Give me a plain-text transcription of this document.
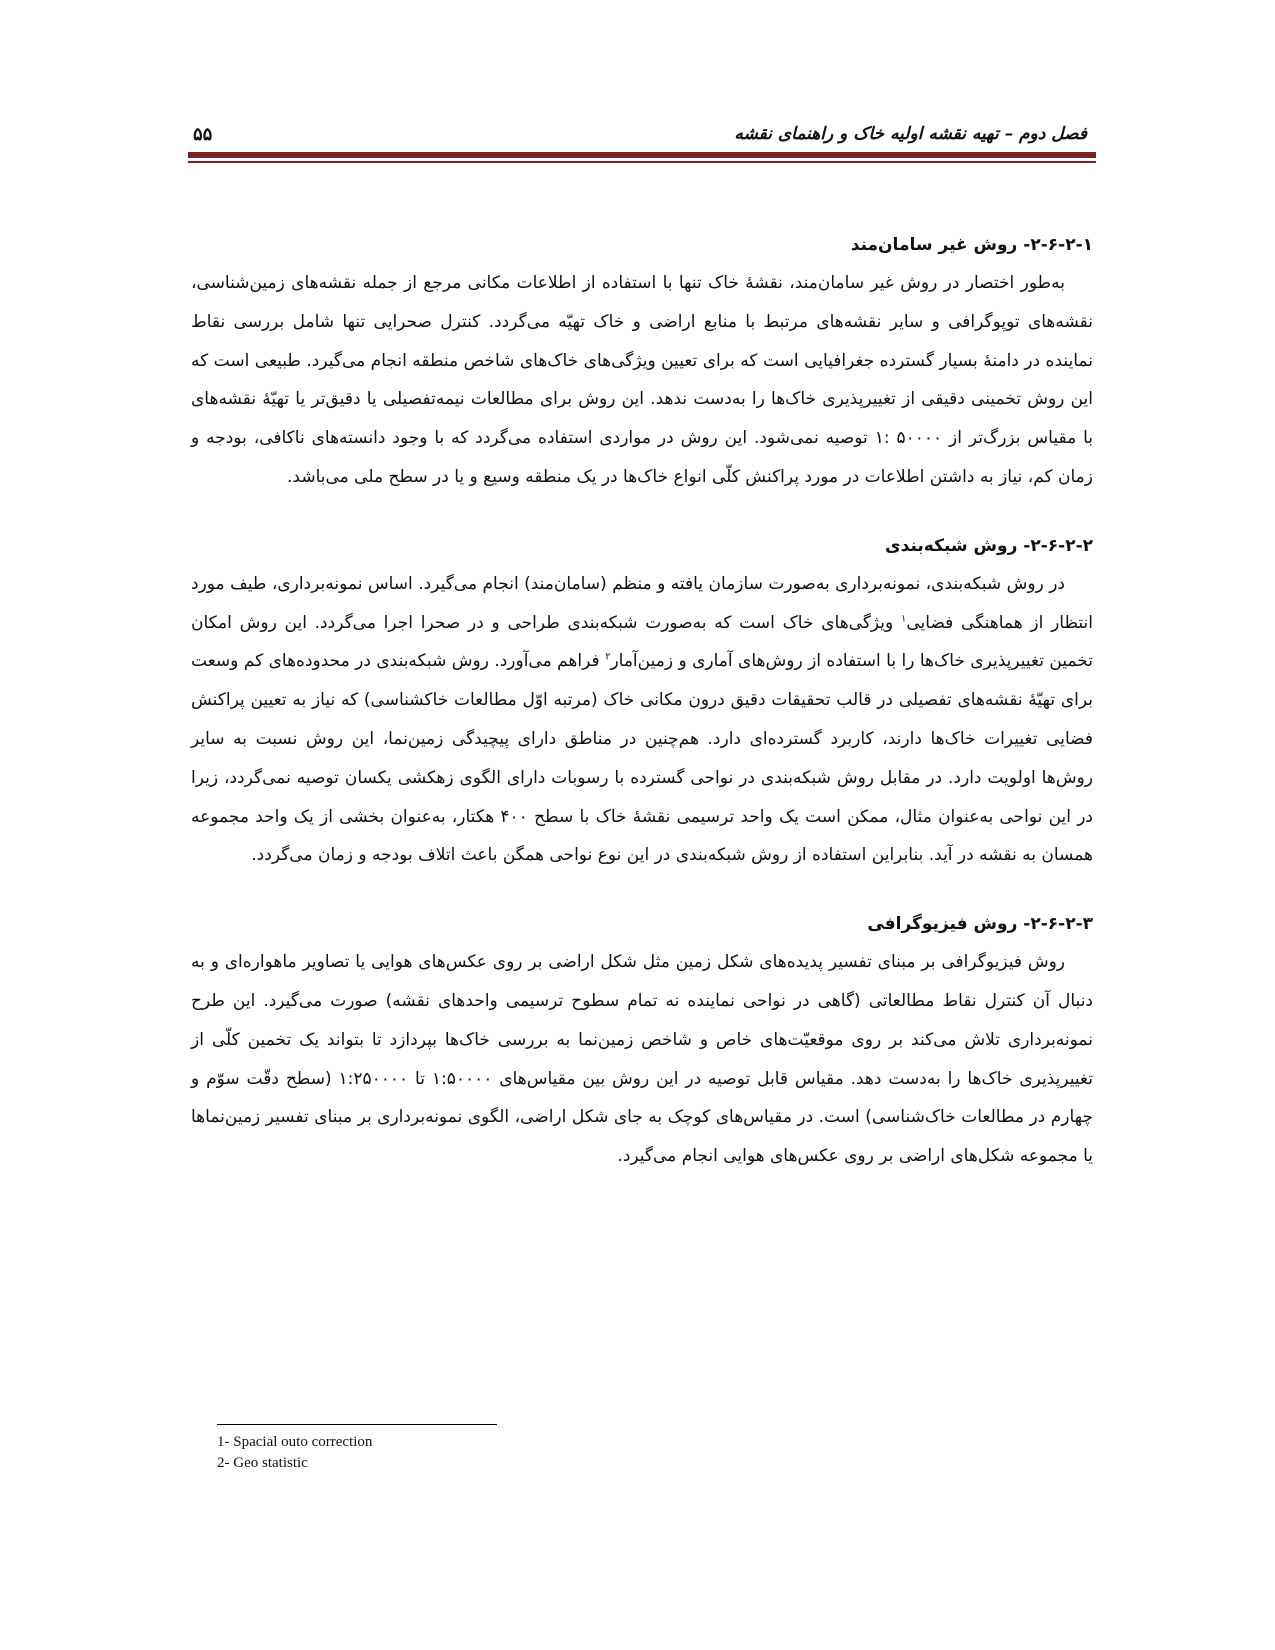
فصل دوم – تهیه نقشه اولیه خاک و راهنمای نقشه
۵۵

۲-۶-۲-۱- روش غیر سامان‌مند

به‌طور اختصار در روش غیر سامان‌مند، نقشهٔ خاک تنها با استفاده از اطلاعات مکانی مرجع از جمله نقشه‌های زمین‌شناسی، نقشه‌های توپوگرافی و سایر نقشه‌های مرتبط با منابع اراضی و خاک تهیّه می‌گردد. کنترل صحرایی تنها شامل بررسی نقاط نماینده در دامنهٔ بسیار گسترده جغرافیایی است که برای تعیین ویژگی‌های خاک‌های شاخص منطقه انجام می‌گیرد. طبیعی است که این روش تخمینی دقیقی از تغییرپذیری خاک‌ها را به‌دست ندهد. این روش برای مطالعات نیمه‌تفصیلی یا دقیق‌تر یا تهیّهٔ نقشه‌های با مقیاس بزرگ‌تر از ۵۰۰۰۰ :۱ توصیه نمی‌شود. این روش در مواردی استفاده می‌گردد که با وجود دانسته‌های ناکافی، بودجه و زمان کم، نیاز به داشتن اطلاعات در مورد پراکنش کلّی انواع خاک‌ها در یک منطقه وسیع و یا در سطح ملی می‌باشد.

۲-۶-۲-۲- روش شبکه‌بندی

در روش شبکه‌بندی، نمونه‌برداری به‌صورت سازمان یافته و منظم (سامان‌مند) انجام می‌گیرد. اساس نمونه‌برداری، طیف مورد انتظار از هماهنگی فضایی$^۱$ ویژگی‌های خاک است که به‌صورت شبکه‌بندی طراحی و در صحرا اجرا می‌گردد. این روش امکان تخمین تغییرپذیری خاک‌ها را با استفاده از روش‌های آماری و زمین‌آمار$^۲$ فراهم می‌آورد. روش شبکه‌بندی در محدوده‌های کم وسعت برای تهیّهٔ نقشه‌های تفصیلی در قالب تحقیقات دقیق درون مکانی خاک (مرتبه اوّل مطالعات خاکشناسی) که نیاز به تعیین پراکنش فضایی تغییرات خاک‌ها دارند، کاربرد گسترده‌ای دارد. هم‌چنین در مناطق دارای پیچیدگی زمین‌نما، این روش نسبت به سایر روش‌ها اولویت دارد. در مقابل روش شبکه‌بندی در نواحی گسترده با رسوبات دارای الگوی زهکشی یکسان توصیه نمی‌گردد، زیرا در این نواحی به‌عنوان مثال، ممکن است یک واحد ترسیمی نقشهٔ خاک با سطح ۴۰۰ هکتار، به‌عنوان بخشی از یک واحد مجموعه همسان به نقشه در آید. بنابراین استفاده از روش شبکه‌بندی در این نوع نواحی همگن باعث اتلاف بودجه و زمان می‌گردد.

۲-۶-۲-۳- روش فیزیوگرافی

روش فیزیوگرافی بر مبنای تفسیر پدیده‌های شکل زمین مثل شکل اراضی بر روی عکس‌های هوایی یا تصاویر ماهواره‌ای و به دنبال آن کنترل نقاط مطالعاتی (گاهی در نواحی نماینده نه تمام سطوح ترسیمی واحدهای نقشه) صورت می‌گیرد. این طرح نمونه‌برداری تلاش می‌کند بر روی موقعیّت‌های خاص و شاخص زمین‌نما به بررسی خاک‌ها بپردازد تا بتواند یک تخمین کلّی از تغییرپذیری خاک‌ها را به‌دست دهد. مقیاس قابل توصیه در این روش بین مقیاس‌های ۱:۵۰۰۰۰ تا ۱:۲۵۰۰۰۰ (سطح دقّت سوّم و چهارم در مطالعات خاک‌شناسی) است. در مقیاس‌های کوچک به جای شکل اراضی، الگوی نمونه‌برداری بر مبنای تفسیر زمین‌نماها یا مجموعه شکل‌های اراضی بر روی عکس‌های هوایی انجام می‌گیرد.

1- Spacial outo correction
2- Geo statistic
